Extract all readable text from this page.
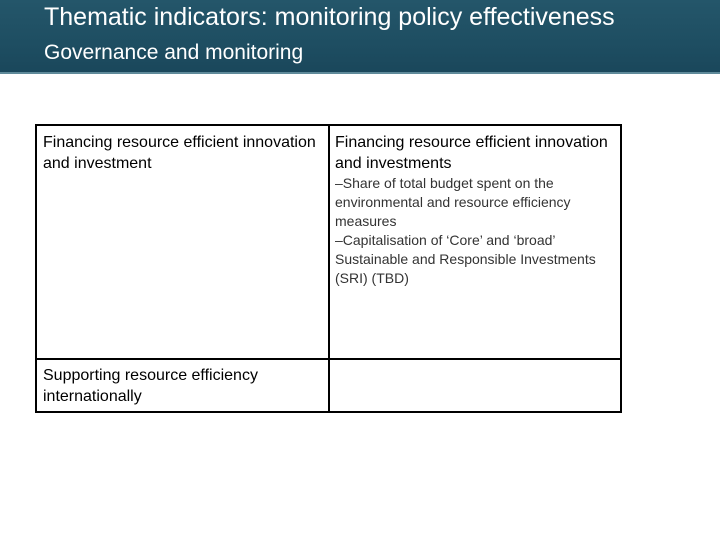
Thematic indicators: monitoring policy effectiveness
Governance and monitoring

Financing resource efficient innovation and investment

Financing resource efficient innovation and investments

–Share of total budget spent on the environmental and resource efficiency measures
–Capitalisation of ‘Core’ and ‘broad’ Sustainable and Responsible Investments (SRI) (TBD)

Supporting resource efficiency internationally
